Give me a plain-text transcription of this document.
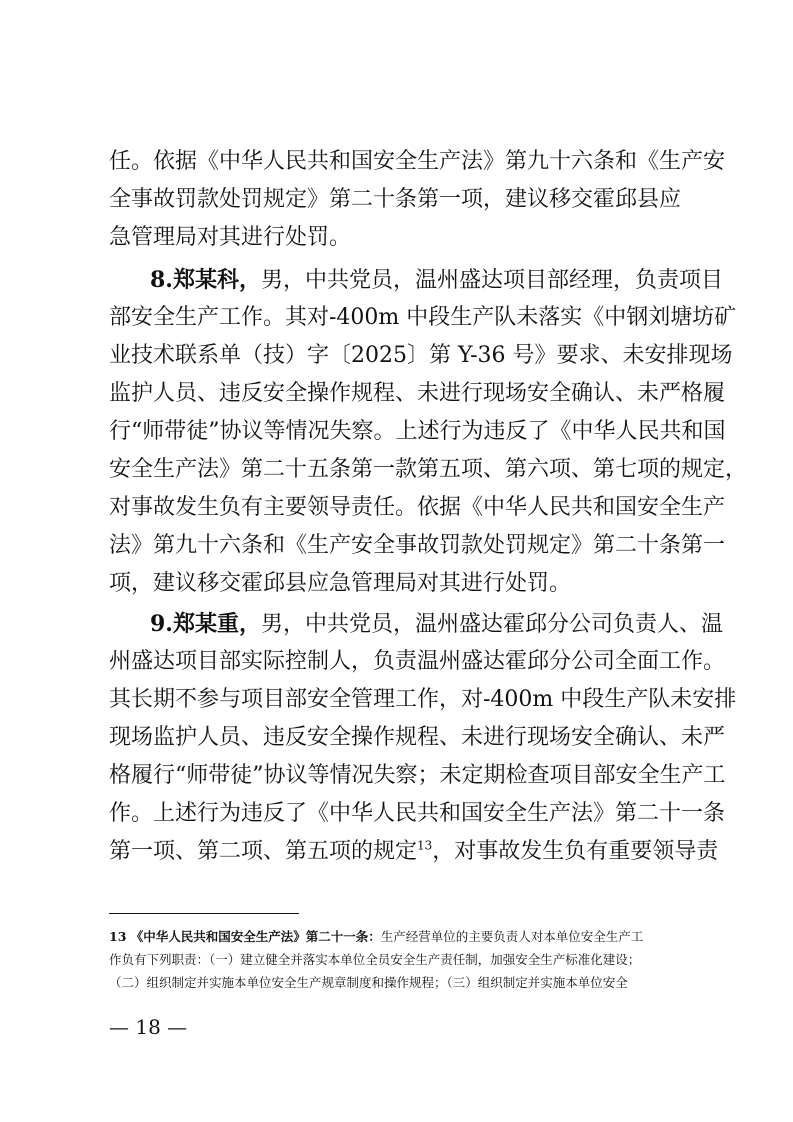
任。依据《中华人民共和国安全生产法》第九十六条和《生产安
全事故罚款处罚规定》第二十条第一项，建议移交霍邱县应
急管理局对其进行处罚。
8.郑某科，男，中共党员，温州盛达项目部经理，负责项目
部安全生产工作。其对-400m 中段生产队未落实《中钢刘塘坊矿
业技术联系单（技）字〔2025〕第 Y-36 号》要求、未安排现场
监护人员、违反安全操作规程、未进行现场安全确认、未严格履
行“师带徒”协议等情况失察。上述行为违反了《中华人民共和国
安全生产法》第二十五条第一款第五项、第六项、第七项的规定，
对事故发生负有主要领导责任。依据《中华人民共和国安全生产
法》第九十六条和《生产安全事故罚款处罚规定》第二十条第一
项，建议移交霍邱县应急管理局对其进行处罚。
9.郑某重，男，中共党员，温州盛达霍邱分公司负责人、温
州盛达项目部实际控制人，负责温州盛达霍邱分公司全面工作。
其长期不参与项目部安全管理工作，对-400m 中段生产队未安排
现场监护人员、违反安全操作规程、未进行现场安全确认、未严
格履行“师带徒”协议等情况失察；未定期检查项目部安全生产工
作。上述行为违反了《中华人民共和国安全生产法》第二十一条
第一项、第二项、第五项的规定$^{13}$，对事故发生负有重要领导责
13 《中华人民共和国安全生产法》第二十一条：生产经营单位的主要负责人对本单位安全生产工
作负有下列职责：（一）建立健全并落实本单位全员安全生产责任制，加强安全生产标准化建设；
（二）组织制定并实施本单位安全生产规章制度和操作规程；（三）组织制定并实施本单位安全
— 18 —
